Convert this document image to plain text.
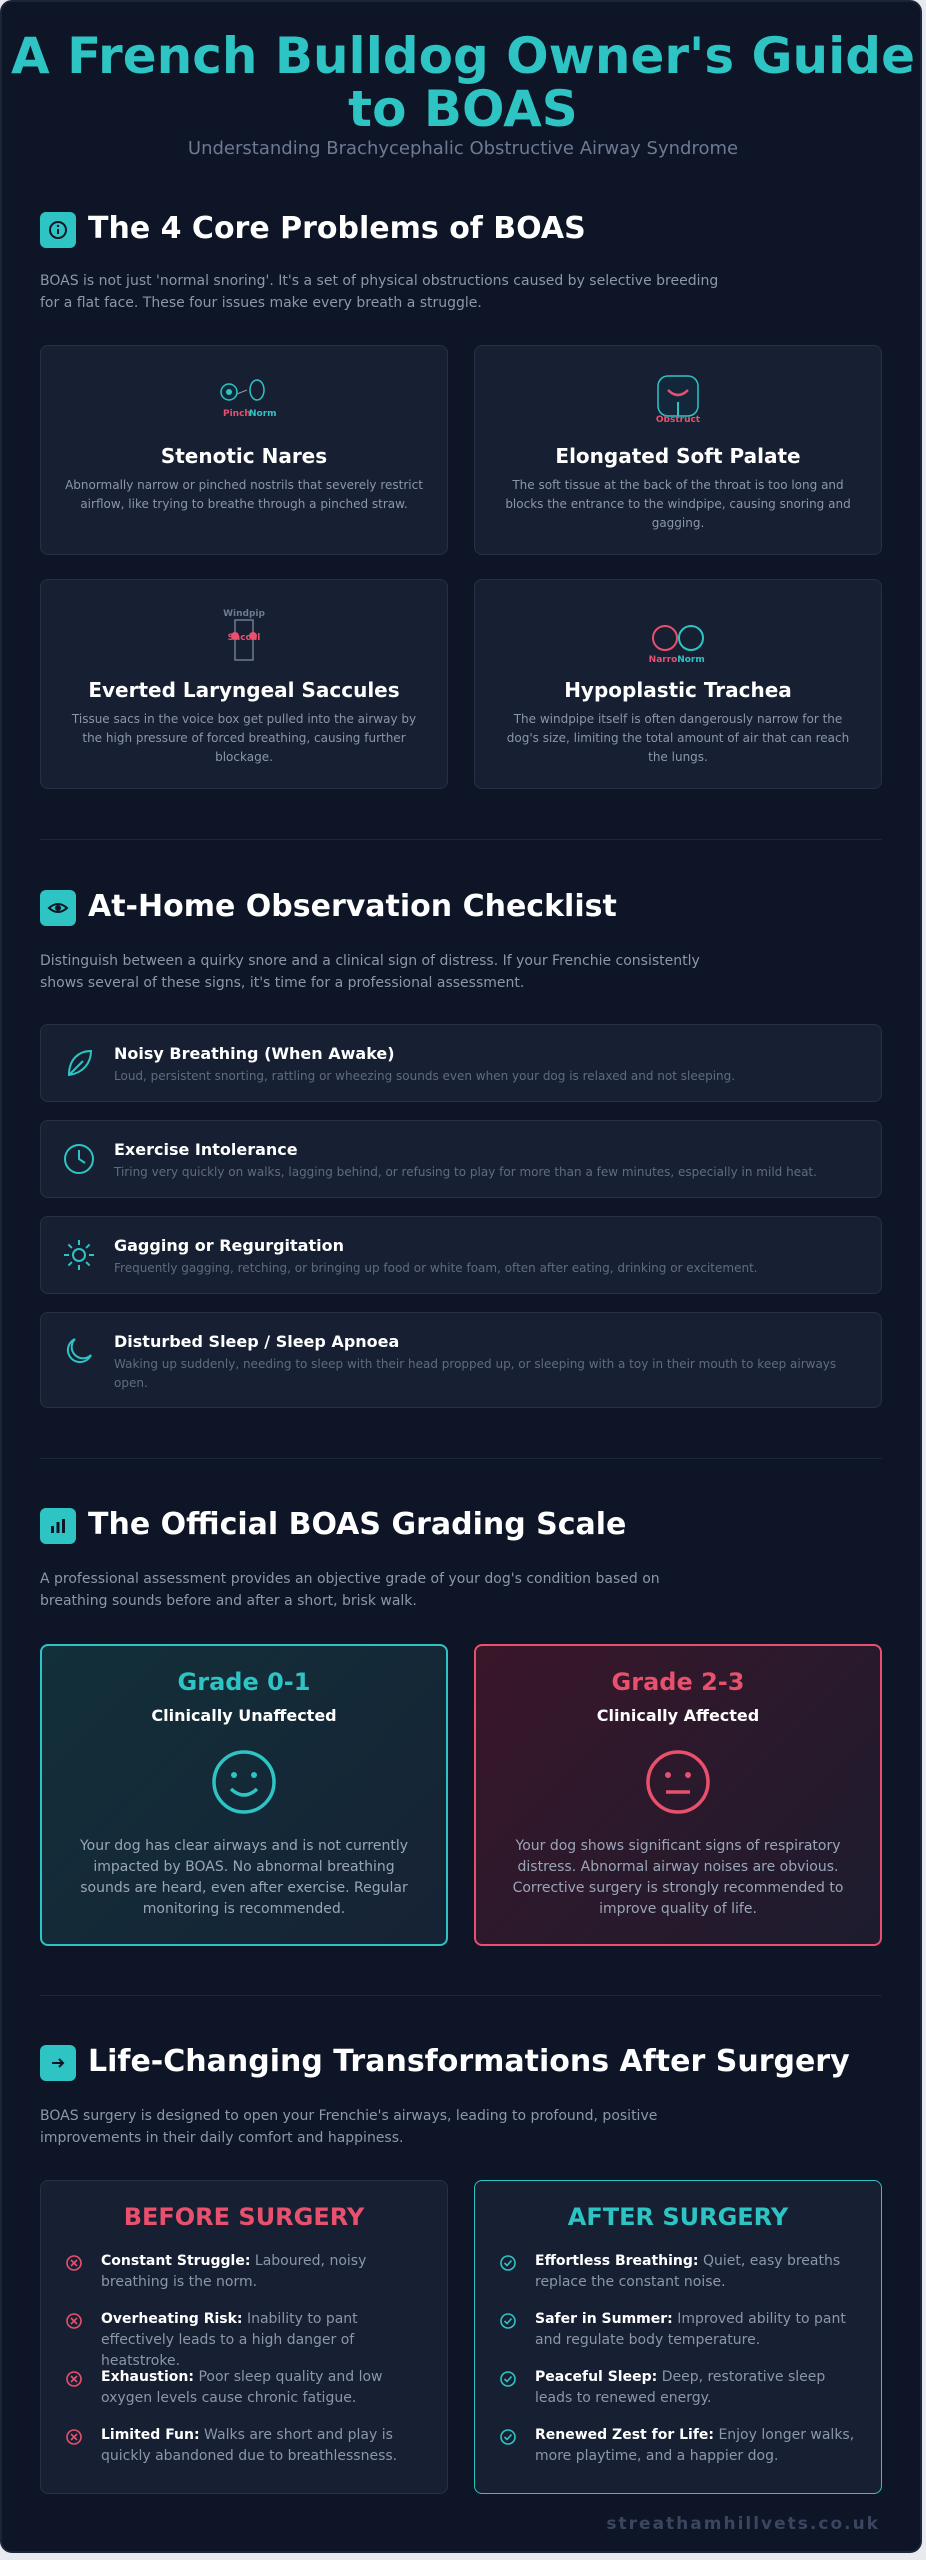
A French Bulldog Owner's Guide
to BOAS
Understanding Brachycephalic Obstructive Airway Syndrome
The 4 Core Problems of BOAS
BOAS is not just 'normal snoring'. It's a set of physical obstructions caused by selective breeding for a flat face. These four issues make every breath a struggle.
Pinch
Norm
Stenotic Nares
Abnormally narrow or pinched nostrils that severely restrict airflow, like trying to breathe through a pinched straw.
Obstruct
Elongated Soft Palate
The soft tissue at the back of the throat is too long and blocks the entrance to the windpipe, causing snoring and gagging.
Windpip
Saccul
Everted Laryngeal Saccules
Tissue sacs in the voice box get pulled into the airway by the high pressure of forced breathing, causing further blockage.
Narro Norm
Hypoplastic Trachea
The windpipe itself is often dangerously narrow for the dog's size, limiting the total amount of air that can reach the lungs.
At-Home Observation Checklist
Distinguish between a quirky snore and a clinical sign of distress. If your Frenchie consistently shows several of these signs, it's time for a professional assessment.
Noisy Breathing (When Awake)
Loud, persistent snorting, rattling or wheezing sounds even when your dog is relaxed and not sleeping.
Exercise Intolerance
Tiring very quickly on walks, lagging behind, or refusing to play for more than a few minutes, especially in mild heat.
Gagging or Regurgitation
Frequently gagging, retching, or bringing up food or white foam, often after eating, drinking or excitement.
Disturbed Sleep / Sleep Apnoea
Waking up suddenly, needing to sleep with their head propped up, or sleeping with a toy in their mouth to keep airways open.
The Official BOAS Grading Scale
A professional assessment provides an objective grade of your dog's condition based on breathing sounds before and after a short, brisk walk.
Grade 0-1
Clinically Unaffected
Your dog has clear airways and is not currently impacted by BOAS. No abnormal breathing sounds are heard, even after exercise. Regular monitoring is recommended.
Grade 2-3
Clinically Affected
Your dog shows significant signs of respiratory distress. Abnormal airway noises are obvious. Corrective surgery is strongly recommended to improve quality of life.
Life-Changing Transformations After Surgery
BOAS surgery is designed to open your Frenchie's airways, leading to profound, positive improvements in their daily comfort and happiness.
BEFORE SURGERY
Constant Struggle: Laboured, noisy breathing is the norm.
Overheating Risk: Inability to pant effectively leads to a high danger of heatstroke.
Exhaustion: Poor sleep quality and low oxygen levels cause chronic fatigue.
Limited Fun: Walks are short and play is quickly abandoned due to breathlessness.
AFTER SURGERY
Effortless Breathing: Quiet, easy breaths replace the constant noise.
Safer in Summer: Improved ability to pant and regulate body temperature.
Peaceful Sleep: Deep, restorative sleep leads to renewed energy.
Renewed Zest for Life: Enjoy longer walks, more playtime, and a happier dog.
streathamhillvets.co.uk
